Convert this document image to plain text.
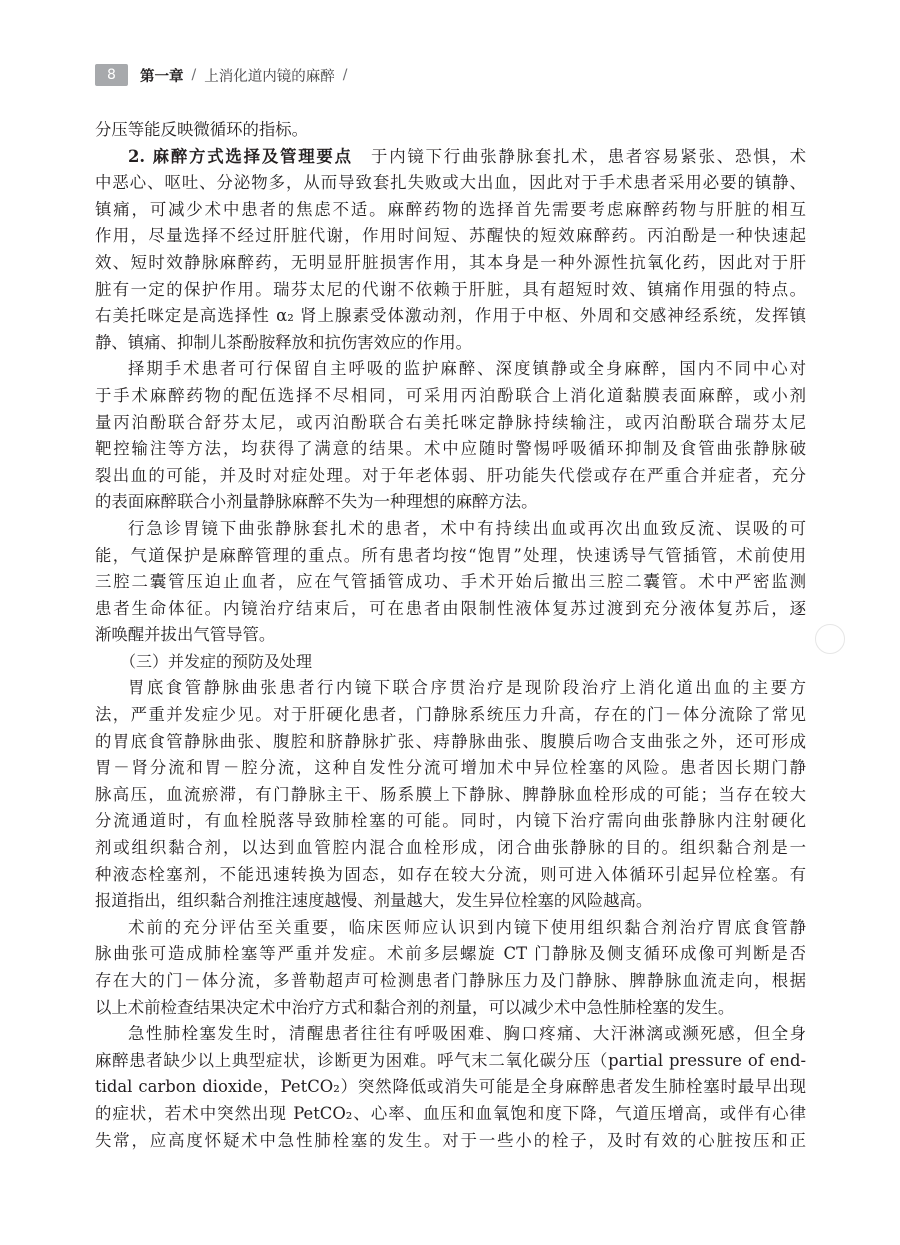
8	第一章 / 上消化道内镜的麻醉 /
分压等能反映微循环的指标。
2. 麻醉方式选择及管理要点　于内镜下行曲张静脉套扎术，患者容易紧张、恐惧，术
中恶心、呕吐、分泌物多，从而导致套扎失败或大出血，因此对于手术患者采用必要的镇静、
镇痛，可减少术中患者的焦虑不适。麻醉药物的选择首先需要考虑麻醉药物与肝脏的相互
作用，尽量选择不经过肝脏代谢，作用时间短、苏醒快的短效麻醉药。丙泊酚是一种快速起
效、短时效静脉麻醉药，无明显肝脏损害作用，其本身是一种外源性抗氧化药，因此对于肝
脏有一定的保护作用。瑞芬太尼的代谢不依赖于肝脏，具有超短时效、镇痛作用强的特点。
右美托咪定是高选择性 α₂ 肾上腺素受体激动剂，作用于中枢、外周和交感神经系统，发挥镇
静、镇痛、抑制儿茶酚胺释放和抗伤害效应的作用。
择期手术患者可行保留自主呼吸的监护麻醉、深度镇静或全身麻醉，国内不同中心对
于手术麻醉药物的配伍选择不尽相同，可采用丙泊酚联合上消化道黏膜表面麻醉，或小剂
量丙泊酚联合舒芬太尼，或丙泊酚联合右美托咪定静脉持续输注，或丙泊酚联合瑞芬太尼
靶控输注等方法，均获得了满意的结果。术中应随时警惕呼吸循环抑制及食管曲张静脉破
裂出血的可能，并及时对症处理。对于年老体弱、肝功能失代偿或存在严重合并症者，充分
的表面麻醉联合小剂量静脉麻醉不失为一种理想的麻醉方法。
行急诊胃镜下曲张静脉套扎术的患者，术中有持续出血或再次出血致反流、误吸的可
能，气道保护是麻醉管理的重点。所有患者均按“饱胃”处理，快速诱导气管插管，术前使用
三腔二囊管压迫止血者，应在气管插管成功、手术开始后撤出三腔二囊管。术中严密监测
患者生命体征。内镜治疗结束后，可在患者由限制性液体复苏过渡到充分液体复苏后，逐
渐唤醒并拔出气管导管。
（三）并发症的预防及处理
胃底食管静脉曲张患者行内镜下联合序贯治疗是现阶段治疗上消化道出血的主要方
法，严重并发症少见。对于肝硬化患者，门静脉系统压力升高，存在的门－体分流除了常见
的胃底食管静脉曲张、腹腔和脐静脉扩张、痔静脉曲张、腹膜后吻合支曲张之外，还可形成
胃－肾分流和胃－腔分流，这种自发性分流可增加术中异位栓塞的风险。患者因长期门静
脉高压，血流瘀滞，有门静脉主干、肠系膜上下静脉、脾静脉血栓形成的可能；当存在较大
分流通道时，有血栓脱落导致肺栓塞的可能。同时，内镜下治疗需向曲张静脉内注射硬化
剂或组织黏合剂，以达到血管腔内混合血栓形成，闭合曲张静脉的目的。组织黏合剂是一
种液态栓塞剂，不能迅速转换为固态，如存在较大分流，则可进入体循环引起异位栓塞。有
报道指出，组织黏合剂推注速度越慢、剂量越大，发生异位栓塞的风险越高。
术前的充分评估至关重要，临床医师应认识到内镜下使用组织黏合剂治疗胃底食管静
脉曲张可造成肺栓塞等严重并发症。术前多层螺旋 CT 门静脉及侧支循环成像可判断是否
存在大的门－体分流，多普勒超声可检测患者门静脉压力及门静脉、脾静脉血流走向，根据
以上术前检查结果决定术中治疗方式和黏合剂的剂量，可以减少术中急性肺栓塞的发生。
急性肺栓塞发生时，清醒患者往往有呼吸困难、胸口疼痛、大汗淋漓或濒死感，但全身
麻醉患者缺少以上典型症状，诊断更为困难。呼气末二氧化碳分压（partial pressure of end-
tidal carbon dioxide，PetCO₂）突然降低或消失可能是全身麻醉患者发生肺栓塞时最早出现
的症状，若术中突然出现 PetCO₂、心率、血压和血氧饱和度下降，气道压增高，或伴有心律
失常，应高度怀疑术中急性肺栓塞的发生。对于一些小的栓子，及时有效的心脏按压和正
